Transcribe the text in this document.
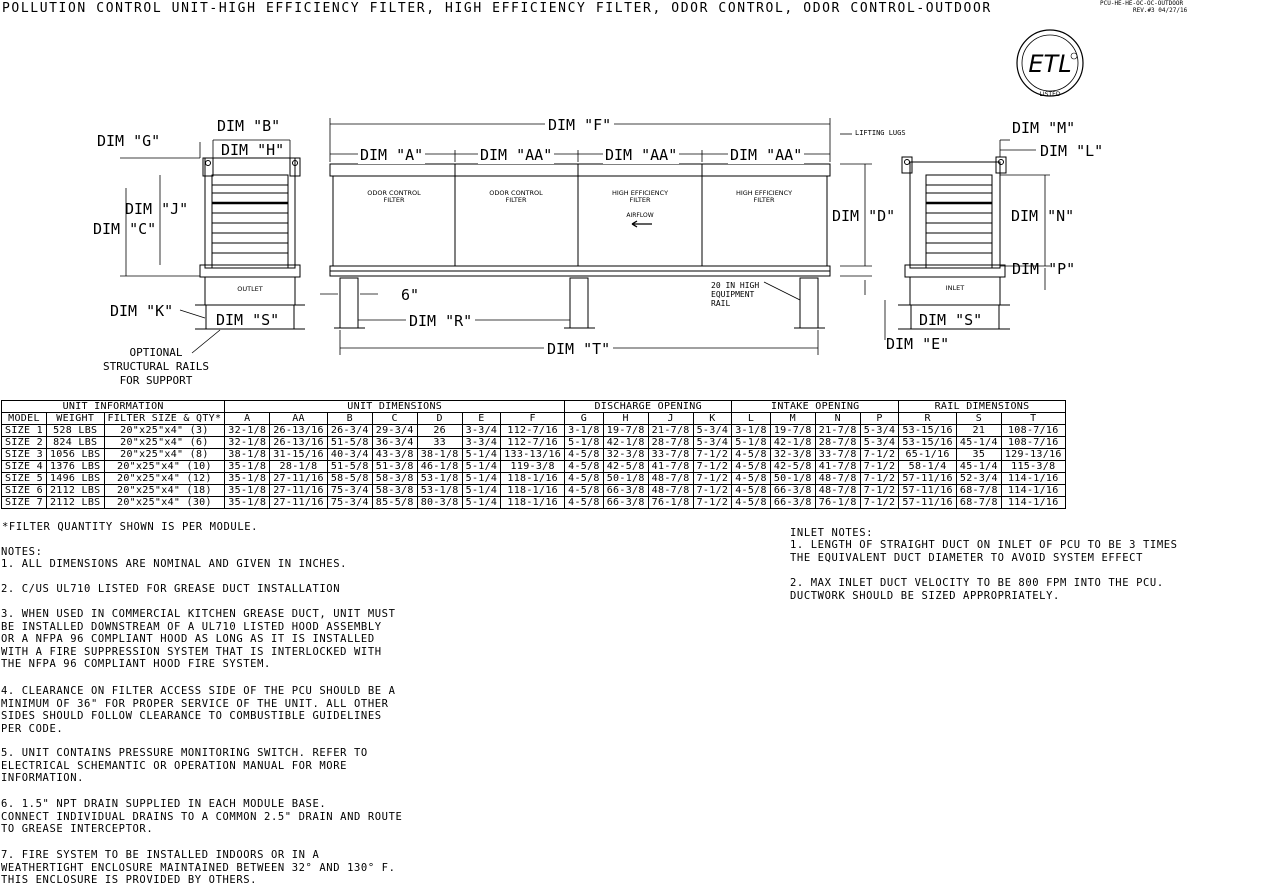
POLLUTION CONTROL UNIT-HIGH EFFICIENCY FILTER, HIGH EFFICIENCY FILTER, ODOR CONTROL, ODOR CONTROL-OUTDOOR	PCU-HE-HE-OC-OC-OUTDOOR
REV.#3 04/27/16
ETL
LISTED
OUTLET
ODOR CONTROL
FILTER
ODOR CONTROL
FILTER
HIGH EFFICIENCY
FILTER
HIGH EFFICIENCY
FILTER
AIRFLOW
INLET
DIM "G"
DIM "B"
DIM "H"
DIM "J"
DIM "C"
DIM "K"	DIM "S"
DIM "F"
DIM "A"	DIM "AA"	DIM "AA"	DIM "AA"
6"
DIM "R"
DIM "T"
DIM "D"
DIM "M"
DIM "L"
DIM "N"
DIM "P"
DIM "S"
DIM "E"
LIFTING LUGS
20 IN HIGH
EQUIPMENT
RAIL
OPTIONAL
STRUCTURAL RAILS
FOR SUPPORT
UNIT INFORMATION			UNIT DIMENSIONS							DISCHARGE OPENING				INTAKE OPENING				RAIL DIMENSIONS		
MODEL	WEIGHT	FILTER SIZE & QTY*	A	AA	B	C	D	E	F	G	H	J	K	L	M	N	P	R	S	T
SIZE 1	528 LBS	20"x25"x4" (3)	32-1/8	26-13/16	26-3/4	29-3/4	26	3-3/4	112-7/16	3-1/8	19-7/8	21-7/8	5-3/4	3-1/8	19-7/8	21-7/8	5-3/4	53-15/16	21	108-7/16
SIZE 2	824 LBS	20"x25"x4" (6)	32-1/8	26-13/16	51-5/8	36-3/4	33	3-3/4	112-7/16	5-1/8	42-1/8	28-7/8	5-3/4	5-1/8	42-1/8	28-7/8	5-3/4	53-15/16	45-1/4	108-7/16
SIZE 3	1056 LBS	20"x25"x4" (8)	38-1/8	31-15/16	40-3/4	43-3/8	38-1/8	5-1/4	133-13/16	4-5/8	32-3/8	33-7/8	7-1/2	4-5/8	32-3/8	33-7/8	7-1/2	65-1/16	35	129-13/16
SIZE 4	1376 LBS	20"x25"x4" (10)	35-1/8	28-1/8	51-5/8	51-3/8	46-1/8	5-1/4	119-3/8	4-5/8	42-5/8	41-7/8	7-1/2	4-5/8	42-5/8	41-7/8	7-1/2	58-1/4	45-1/4	115-3/8
SIZE 5	1496 LBS	20"x25"x4" (12)	35-1/8	27-11/16	58-5/8	58-3/8	53-1/8	5-1/4	118-1/16	4-5/8	50-1/8	48-7/8	7-1/2	4-5/8	50-1/8	48-7/8	7-1/2	57-11/16	52-3/4	114-1/16
SIZE 6	2112 LBS	20"x25"x4" (18)	35-1/8	27-11/16	75-3/4	58-3/8	53-1/8	5-1/4	118-1/16	4-5/8	66-3/8	48-7/8	7-1/2	4-5/8	66-3/8	48-7/8	7-1/2	57-11/16	68-7/8	114-1/16
SIZE 7	2112 LBS	20"x25"x4" (30)	35-1/8	27-11/16	75-3/4	85-5/8	80-3/8	5-1/4	118-1/16	4-5/8	66-3/8	76-1/8	7-1/2	4-5/8	66-3/8	76-1/8	7-1/2	57-11/16	68-7/8	114-1/16
*FILTER QUANTITY SHOWN IS PER MODULE.
NOTES:
1. ALL DIMENSIONS ARE NOMINAL AND GIVEN IN INCHES.
2. C/US UL710 LISTED FOR GREASE DUCT INSTALLATION
3. WHEN USED IN COMMERCIAL KITCHEN GREASE DUCT, UNIT MUST
BE INSTALLED DOWNSTREAM OF A UL710 LISTED HOOD ASSEMBLY
OR A NFPA 96 COMPLIANT HOOD AS LONG AS IT IS INSTALLED
WITH A FIRE SUPPRESSION SYSTEM THAT IS INTERLOCKED WITH
THE NFPA 96 COMPLIANT HOOD FIRE SYSTEM.
4. CLEARANCE ON FILTER ACCESS SIDE OF THE PCU SHOULD BE A
MINIMUM OF 36" FOR PROPER SERVICE OF THE UNIT. ALL OTHER
SIDES SHOULD FOLLOW CLEARANCE TO COMBUSTIBLE GUIDELINES
PER CODE.
5. UNIT CONTAINS PRESSURE MONITORING SWITCH. REFER TO
ELECTRICAL SCHEMANTIC OR OPERATION MANUAL FOR MORE
INFORMATION.
6. 1.5" NPT DRAIN SUPPLIED IN EACH MODULE BASE.
CONNECT INDIVIDUAL DRAINS TO A COMMON 2.5" DRAIN AND ROUTE
TO GREASE INTERCEPTOR.
7. FIRE SYSTEM TO BE INSTALLED INDOORS OR IN A
WEATHERTIGHT ENCLOSURE MAINTAINED BETWEEN 32° AND 130° F.
THIS ENCLOSURE IS PROVIDED BY OTHERS.
INLET NOTES:
1. LENGTH OF STRAIGHT DUCT ON INLET OF PCU TO BE 3 TIMES
THE EQUIVALENT DUCT DIAMETER TO AVOID SYSTEM EFFECT
2. MAX INLET DUCT VELOCITY TO BE 800 FPM INTO THE PCU.
DUCTWORK SHOULD BE SIZED APPROPRIATELY.
